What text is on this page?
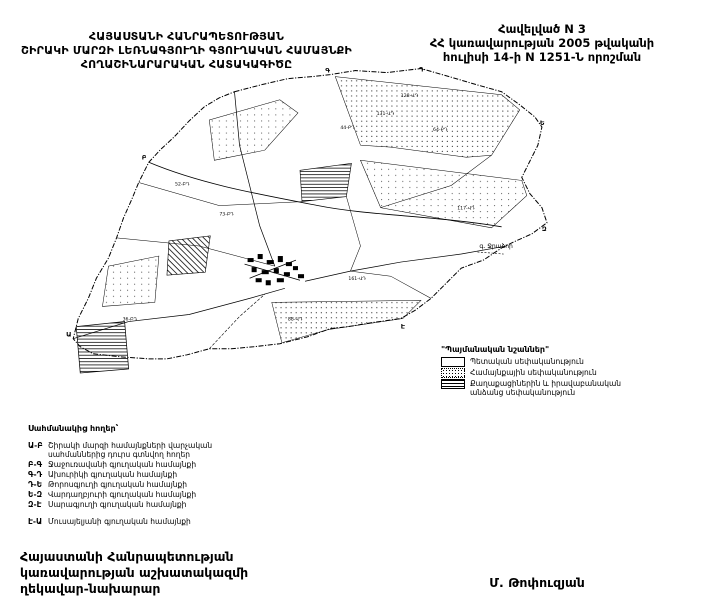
ՀԱՅԱՍՏԱՆԻ ՀԱՆՐԱՊԵՏՈՒԹՅԱՆ
ՇԻՐԱԿԻ ՄԱՐԶԻ ԼԵՌՆԱԳՅՈՒՂԻ ԳՅՈՒՂԱԿԱՆ ՀԱՄԱՅՆՔԻ
ՀՈՂԱՇԻՆԱՐԱՐԱԿԱՆ ՀԱՏԱԿԱԳԻԾԸ
Հավելված N 3
ՀՀ կառավարության 2005 թվականի
հուլիսի 14-ի N 1251-Ն որոշման
Ա
Բ
Գ	Դ
Ե
Զ
Է
131-ՎԴ
128-ՎԴ
44-ԲԴ	64-ԲԴ
52-ԲԴ
117-ՎԴ
73-ԲԴ
161-ՎԴ
88-ՎԴ
36-ԲԴ
գ. Ջրաձոր
"Պայմանական նշաններ"
Պետական սեփականություն
Համայնքային սեփականություն
Քաղաքացիներին և իրավաբանական անձանց սեփականություն
Սահմանակից հողեր՝
Ա-Բ Շիրակի մարզի համայնքների վարչական սահմաններից դուրս գտնվող հողեր
Բ-Գ Ջաջուռավանի գյուղական համայնքի
Գ-Դ Ախուրիկի գյուղական համայնքի
Դ-Ե Թորոսգյուղի գյուղական համայնքի
Ե-Զ Վարդաղբյուրի գյուղական համայնքի
Զ-Է Սարագյուղի գյուղական համայնքի
Է-Ա Մուսայելյանի գյուղական համայնքի
Հայաստանի Հանրապետության
կառավարության աշխատակազմի
ղեկավար-նախարար	Մ. Թոփուզյան
